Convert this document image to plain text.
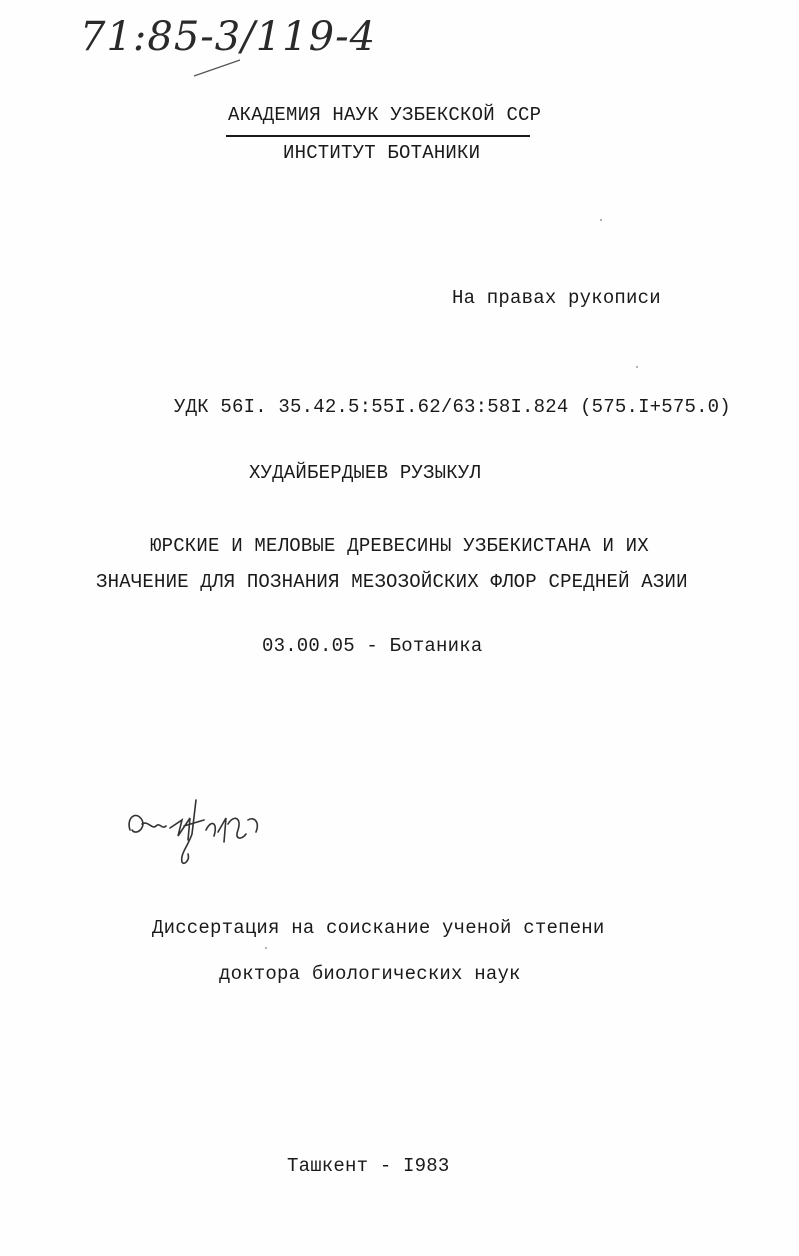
71:85-3/119-4
АКАДЕМИЯ НАУК УЗБЕКСКОЙ ССР
ИНСТИТУТ БОТАНИКИ
На правах рукописи
УДК 56I. 35.42.5:55I.62/63:58I.824 (575.I+575.0)
ХУДАЙБЕРДЫЕВ РУЗЫКУЛ
ЮРСКИЕ И МЕЛОВЫЕ ДРЕВЕСИНЫ УЗБЕКИСТАНА И ИХ
ЗНАЧЕНИЕ ДЛЯ ПОЗНАНИЯ МЕЗОЗОЙСКИХ ФЛОР СРЕДНЕЙ АЗИИ
03.00.05 - Ботаника
Диссертация на соискание ученой степени
доктора биологических наук
Ташкент - I983
